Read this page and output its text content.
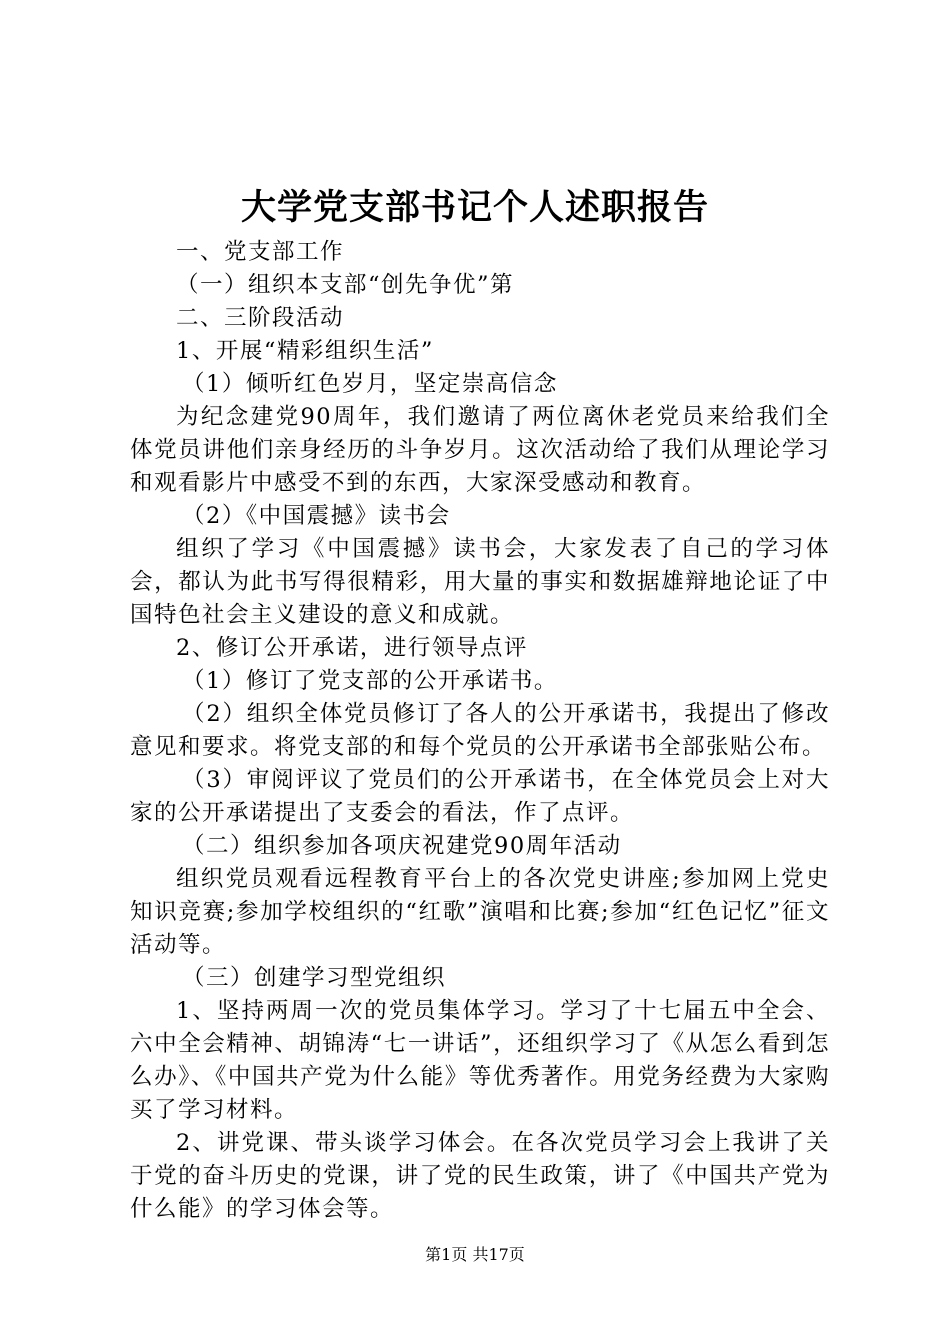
大学党支部书记个人述职报告

一、党支部工作

（一）组织本支部“创先争优”第

二、三阶段活动

1、开展“精彩组织生活”

（1）倾听红色岁月，坚定崇高信念

为纪念建党90周年，我们邀请了两位离休老党员来给我们全体党员讲他们亲身经历的斗争岁月。这次活动给了我们从理论学习和观看影片中感受不到的东西，大家深受感动和教育。

（2）《中国震撼》读书会

组织了学习《中国震撼》读书会，大家发表了自己的学习体会，都认为此书写得很精彩，用大量的事实和数据雄辩地论证了中国特色社会主义建设的意义和成就。

2、修订公开承诺，进行领导点评

（1）修订了党支部的公开承诺书。

（2）组织全体党员修订了各人的公开承诺书，我提出了修改意见和要求。将党支部的和每个党员的公开承诺书全部张贴公布。

（3）审阅评议了党员们的公开承诺书，在全体党员会上对大家的公开承诺提出了支委会的看法，作了点评。

（二）组织参加各项庆祝建党90周年活动

组织党员观看远程教育平台上的各次党史讲座;参加网上党史知识竞赛;参加学校组织的“红歌”演唱和比赛;参加“红色记忆”征文活动等。

（三）创建学习型党组织

1、坚持两周一次的党员集体学习。学习了十七届五中全会、六中全会精神、胡锦涛“七一讲话”，还组织学习了《从怎么看到怎么办》、《中国共产党为什么能》等优秀著作。用党务经费为大家购买了学习材料。

2、讲党课、带头谈学习体会。在各次党员学习会上我讲了关于党的奋斗历史的党课，讲了党的民生政策，讲了《中国共产党为什么能》的学习体会等。

第1页 共17页
